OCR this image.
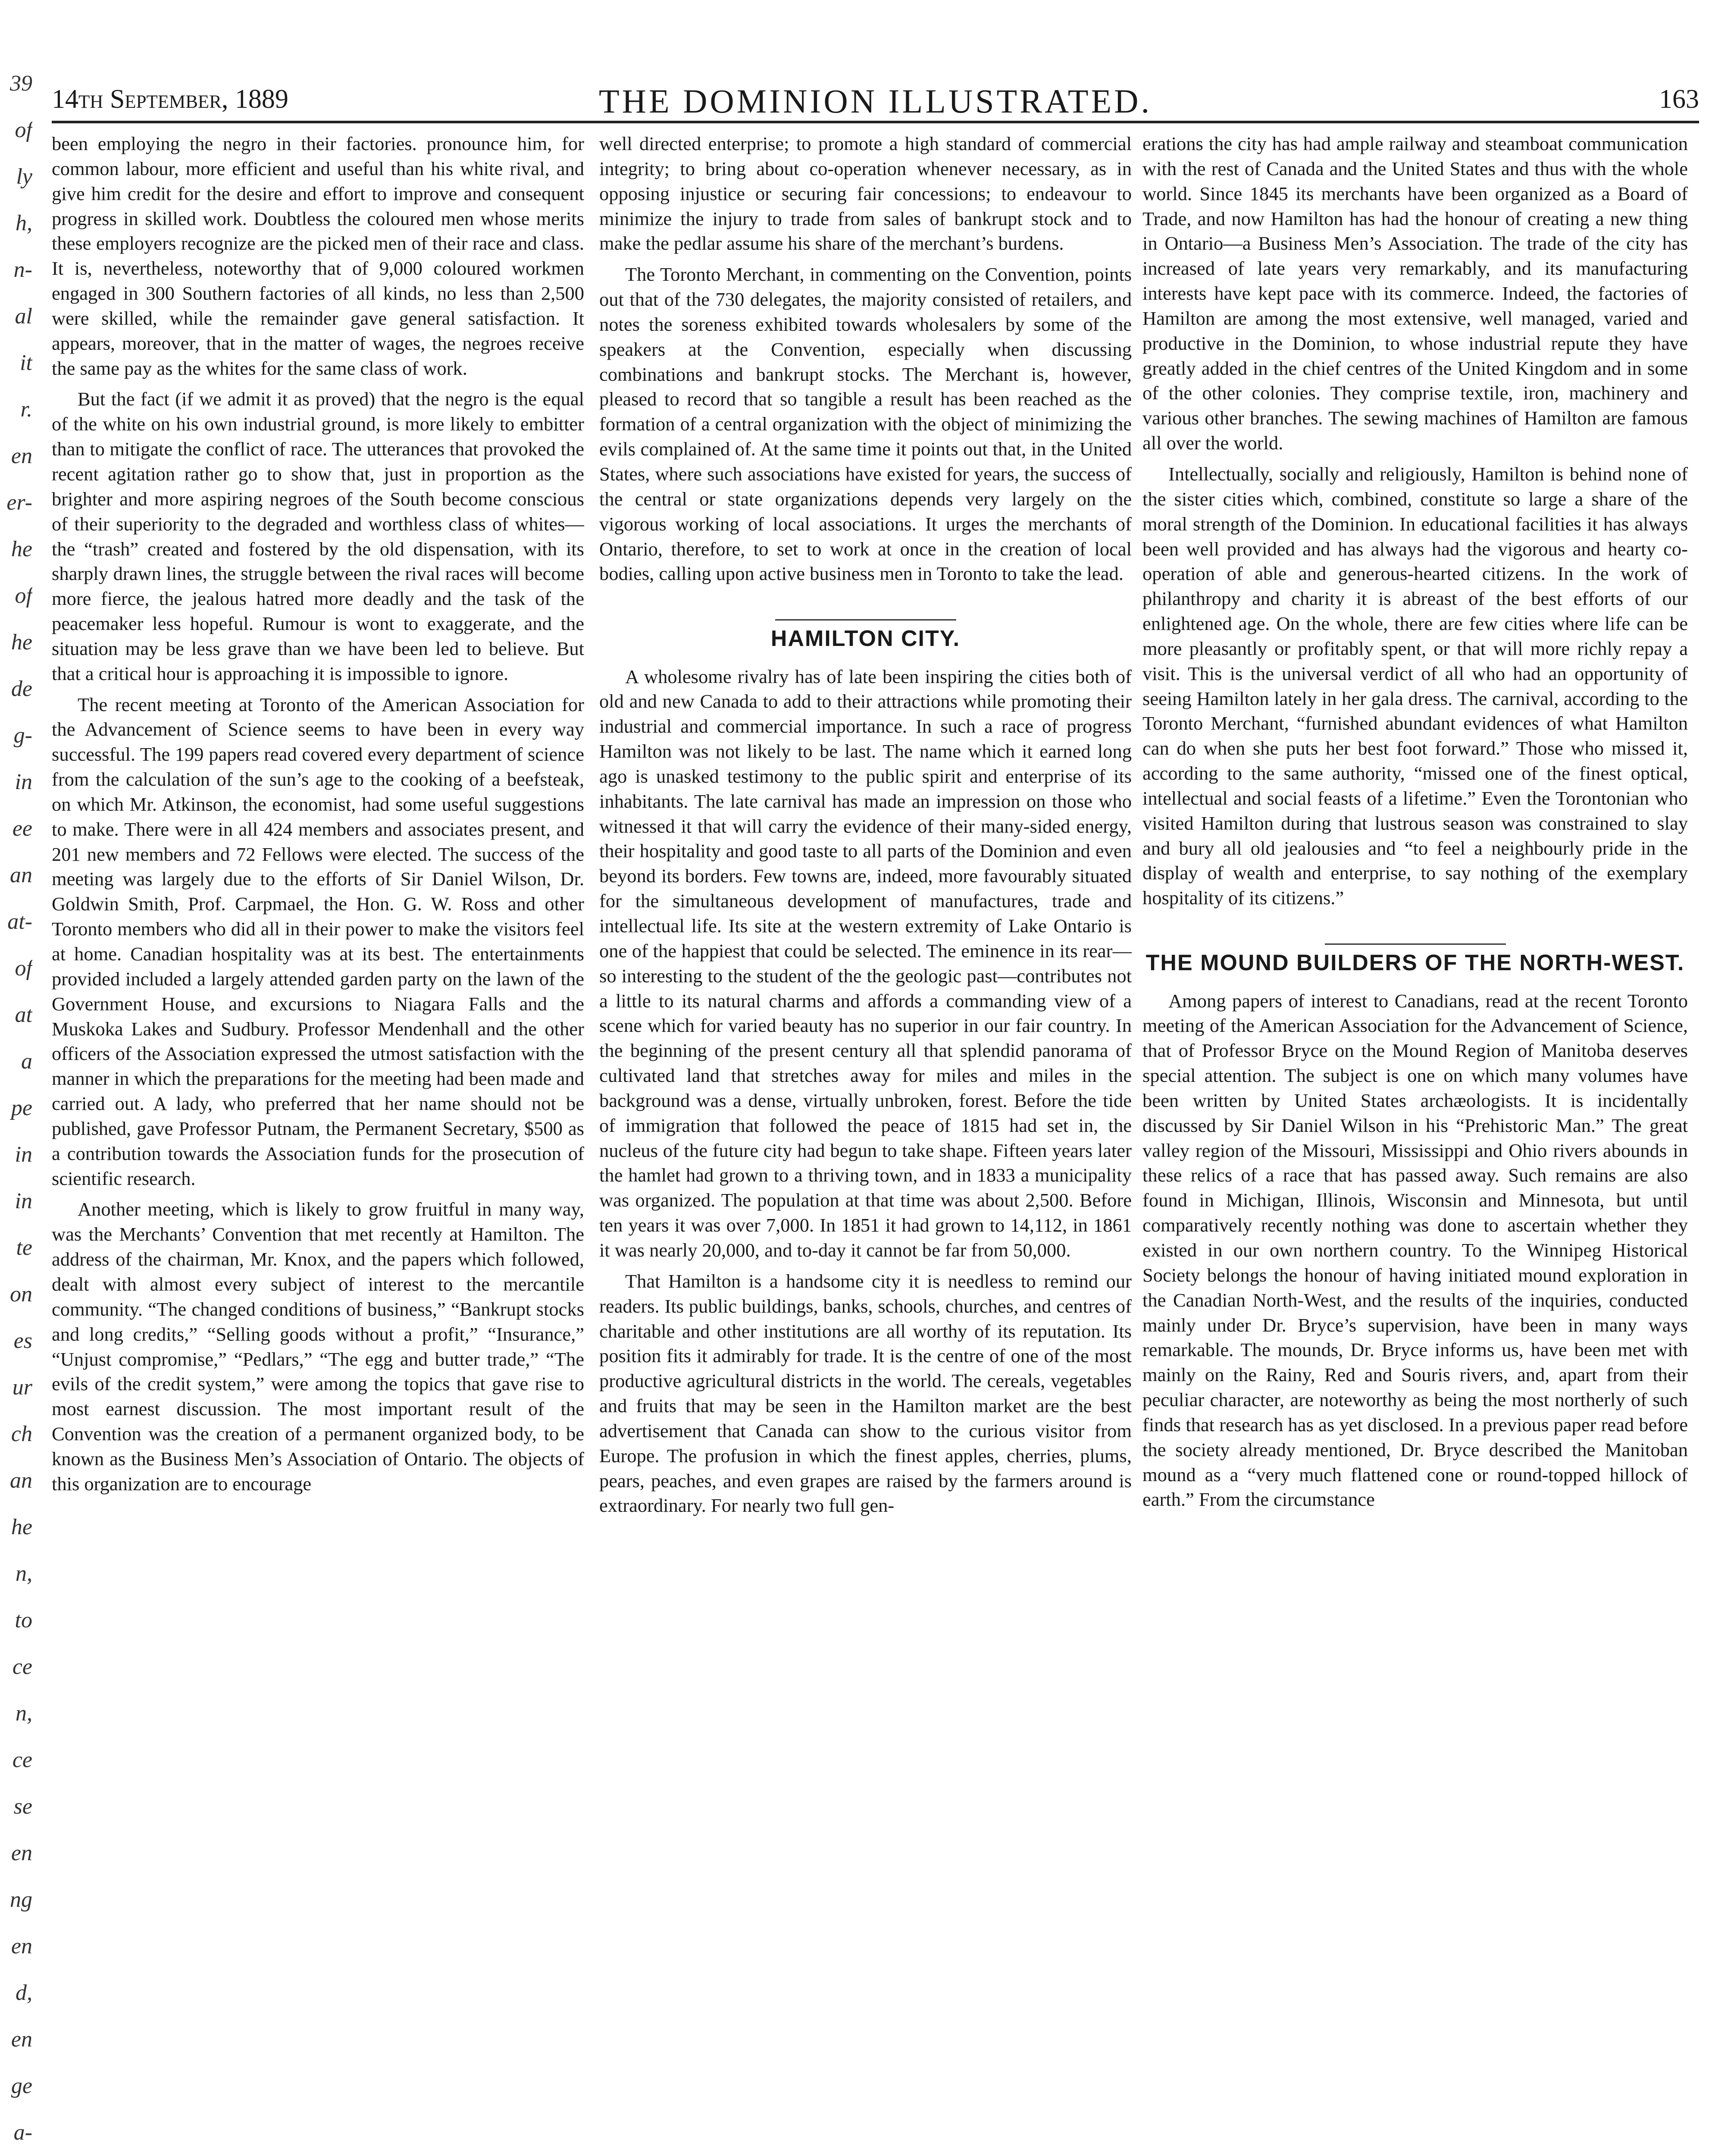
39
of
ly
h,
n-
al
it
r.
en
er-
he
of
he
de
g-
in
ee
an
at-
of
at
a
pe
in
in
te
on
es
ur
ch
an
he
n,
to
ce
n,
ce
se
en
ng
en
d,
en
ge
a-
14th September, 1889	THE DOMINION ILLUSTRATED.	163

been employing the negro in their factories. pronounce him, for common labour, more efficient and useful than his white rival, and give him credit for the desire and effort to improve and consequent progress in skilled work. Doubtless the coloured men whose merits these employers recognize are the picked men of their race and class. It is, nevertheless, noteworthy that of 9,000 coloured workmen engaged in 300 Southern factories of all kinds, no less than 2,500 were skilled, while the remainder gave general satisfaction. It appears, moreover, that in the matter of wages, the negroes receive the same pay as the whites for the same class of work.

But the fact (if we admit it as proved) that the negro is the equal of the white on his own industrial ground, is more likely to embitter than to mitigate the conflict of race. The utterances that provoked the recent agitation rather go to show that, just in proportion as the brighter and more aspiring negroes of the South become conscious of their superiority to the degraded and worthless class of whites—the “trash” created and fostered by the old dispensation, with its sharply drawn lines, the struggle between the rival races will become more fierce, the jealous hatred more deadly and the task of the peacemaker less hopeful. Rumour is wont to exaggerate, and the situation may be less grave than we have been led to believe. But that a critical hour is approaching it is impossible to ignore.

The recent meeting at Toronto of the American Association for the Advancement of Science seems to have been in every way successful. The 199 papers read covered every department of science from the calculation of the sun’s age to the cooking of a beefsteak, on which Mr. Atkinson, the economist, had some useful suggestions to make. There were in all 424 members and associates present, and 201 new members and 72 Fellows were elected. The success of the meeting was largely due to the efforts of Sir Daniel Wilson, Dr. Goldwin Smith, Prof. Carpmael, the Hon. G. W. Ross and other Toronto members who did all in their power to make the visitors feel at home. Canadian hospitality was at its best. The entertainments provided included a largely attended garden party on the lawn of the Government House, and excursions to Niagara Falls and the Muskoka Lakes and Sudbury. Professor Mendenhall and the other officers of the Association expressed the utmost satisfaction with the manner in which the preparations for the meeting had been made and carried out. A lady, who preferred that her name should not be published, gave Professor Putnam, the Permanent Secretary, $500 as a contribution towards the Association funds for the prosecution of scientific research.

Another meeting, which is likely to grow fruitful in many way, was the Merchants’ Convention that met recently at Hamilton. The address of the chairman, Mr. Knox, and the papers which followed, dealt with almost every subject of interest to the mercantile community. “The changed conditions of business,” “Bankrupt stocks and long credits,” “Selling goods without a profit,” “Insurance,” “Unjust compromise,” “Pedlars,” “The egg and butter trade,” “The evils of the credit system,” were among the topics that gave rise to most earnest discussion. The most important result of the Convention was the creation of a permanent organized body, to be known as the Business Men’s Association of Ontario. The objects of this organization are to encourage

well directed enterprise; to promote a high standard of commercial integrity; to bring about co-operation whenever necessary, as in opposing injustice or securing fair concessions; to endeavour to minimize the injury to trade from sales of bankrupt stock and to make the pedlar assume his share of the merchant’s burdens.

The Toronto Merchant, in commenting on the Convention, points out that of the 730 delegates, the majority consisted of retailers, and notes the soreness exhibited towards wholesalers by some of the speakers at the Convention, especially when discussing combinations and bankrupt stocks. The Merchant is, however, pleased to record that so tangible a result has been reached as the formation of a central organization with the object of minimizing the evils complained of. At the same time it points out that, in the United States, where such associations have existed for years, the success of the central or state organizations depends very largely on the vigorous working of local associations. It urges the merchants of Ontario, therefore, to set to work at once in the creation of local bodies, calling upon active business men in Toronto to take the lead.

HAMILTON CITY.

A wholesome rivalry has of late been inspiring the cities both of old and new Canada to add to their attractions while promoting their industrial and commercial importance. In such a race of progress Hamilton was not likely to be last. The name which it earned long ago is unasked testimony to the public spirit and enterprise of its inhabitants. The late carnival has made an impression on those who witnessed it that will carry the evidence of their many-sided energy, their hospitality and good taste to all parts of the Dominion and even beyond its borders. Few towns are, indeed, more favourably situated for the simultaneous development of manufactures, trade and intellectual life. Its site at the western extremity of Lake Ontario is one of the happiest that could be selected. The eminence in its rear—so interesting to the student of the the geologic past—contributes not a little to its natural charms and affords a commanding view of a scene which for varied beauty has no superior in our fair country. In the beginning of the present century all that splendid panorama of cultivated land that stretches away for miles and miles in the background was a dense, virtually unbroken, forest. Before the tide of immigration that followed the peace of 1815 had set in, the nucleus of the future city had begun to take shape. Fifteen years later the hamlet had grown to a thriving town, and in 1833 a municipality was organized. The population at that time was about 2,500. Before ten years it was over 7,000. In 1851 it had grown to 14,112, in 1861 it was nearly 20,000, and to-day it cannot be far from 50,000.

That Hamilton is a handsome city it is needless to remind our readers. Its public buildings, banks, schools, churches, and centres of charitable and other institutions are all worthy of its reputation. Its position fits it admirably for trade. It is the centre of one of the most productive agricultural districts in the world. The cereals, vegetables and fruits that may be seen in the Hamilton market are the best advertisement that Canada can show to the curious visitor from Europe. The profusion in which the finest apples, cherries, plums, pears, peaches, and even grapes are raised by the farmers around is extraordinary. For nearly two full gen-

erations the city has had ample railway and steamboat communication with the rest of Canada and the United States and thus with the whole world. Since 1845 its merchants have been organized as a Board of Trade, and now Hamilton has had the honour of creating a new thing in Ontario—a Business Men’s Association. The trade of the city has increased of late years very remarkably, and its manufacturing interests have kept pace with its commerce. Indeed, the factories of Hamilton are among the most extensive, well managed, varied and productive in the Dominion, to whose industrial repute they have greatly added in the chief centres of the United Kingdom and in some of the other colonies. They comprise textile, iron, machinery and various other branches. The sewing machines of Hamilton are famous all over the world.

Intellectually, socially and religiously, Hamilton is behind none of the sister cities which, combined, constitute so large a share of the moral strength of the Dominion. In educational facilities it has always been well provided and has always had the vigorous and hearty co-operation of able and generous-hearted citizens. In the work of philanthropy and charity it is abreast of the best efforts of our enlightened age. On the whole, there are few cities where life can be more pleasantly or profitably spent, or that will more richly repay a visit. This is the universal verdict of all who had an opportunity of seeing Hamilton lately in her gala dress. The carnival, according to the Toronto Merchant, “furnished abundant evidences of what Hamilton can do when she puts her best foot forward.” Those who missed it, according to the same authority, “missed one of the finest optical, intellectual and social feasts of a lifetime.” Even the Torontonian who visited Hamilton during that lustrous season was constrained to slay and bury all old jealousies and “to feel a neighbourly pride in the display of wealth and enterprise, to say nothing of the exemplary hospitality of its citizens.”

THE MOUND BUILDERS OF THE NORTH-WEST.

Among papers of interest to Canadians, read at the recent Toronto meeting of the American Association for the Advancement of Science, that of Professor Bryce on the Mound Region of Manitoba deserves special attention. The subject is one on which many volumes have been written by United States archæologists. It is incidentally discussed by Sir Daniel Wilson in his “Prehistoric Man.” The great valley region of the Missouri, Mississippi and Ohio rivers abounds in these relics of a race that has passed away. Such remains are also found in Michigan, Illinois, Wisconsin and Minnesota, but until comparatively recently nothing was done to ascertain whether they existed in our own northern country. To the Winnipeg Historical Society belongs the honour of having initiated mound exploration in the Canadian North-West, and the results of the inquiries, conducted mainly under Dr. Bryce’s supervision, have been in many ways remarkable. The mounds, Dr. Bryce informs us, have been met with mainly on the Rainy, Red and Souris rivers, and, apart from their peculiar character, are noteworthy as being the most northerly of such finds that research has as yet disclosed. In a previous paper read before the society already mentioned, Dr. Bryce described the Manitoban mound as a “very much flattened cone or round-topped hillock of earth.” From the circumstance
